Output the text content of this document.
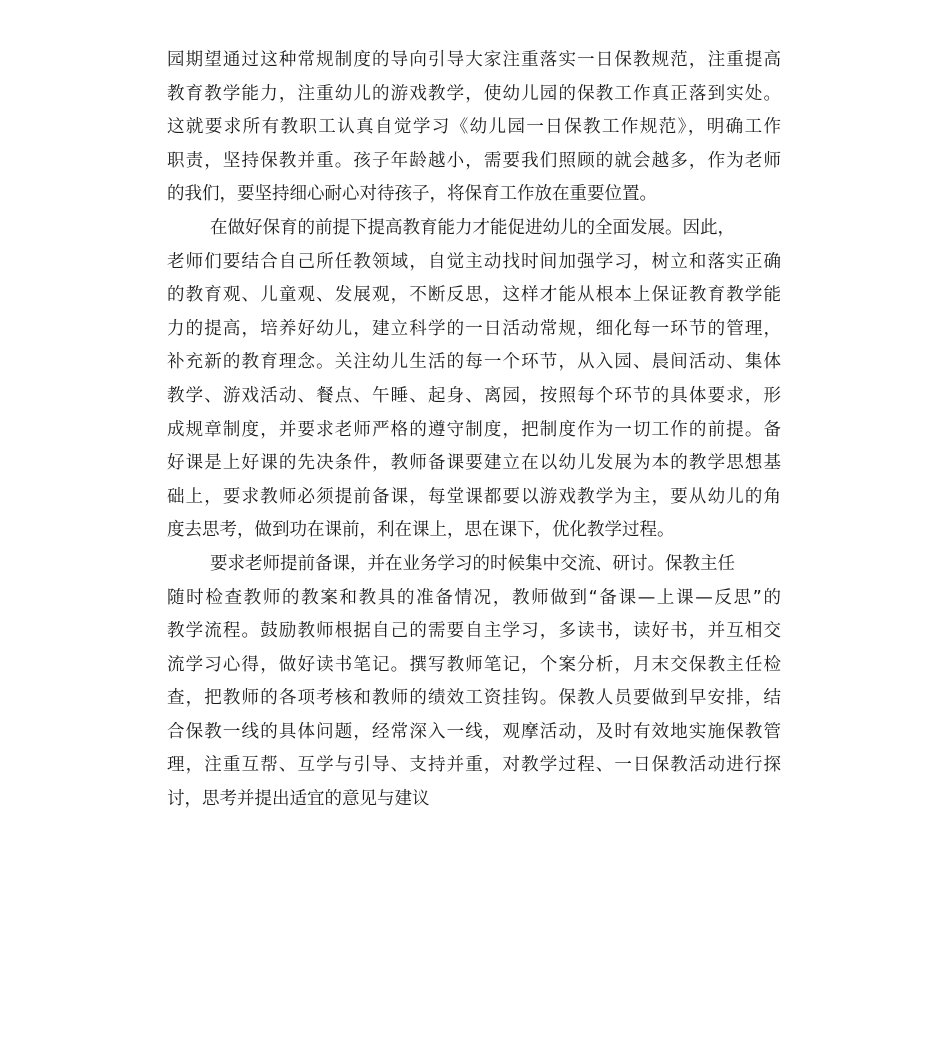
园期望通过这种常规制度的导向引导大家注重落实一日保教规范，注重提高
教育教学能力，注重幼儿的游戏教学，使幼儿园的保教工作真正落到实处。
这就要求所有教职工认真自觉学习《幼儿园一日保教工作规范》，明确工作
职责，坚持保教并重。孩子年龄越小，需要我们照顾的就会越多，作为老师
的我们，要坚持细心耐心对待孩子，将保育工作放在重要位置。
在做好保育的前提下提高教育能力才能促进幼儿的全面发展。因此，
老师们要结合自己所任教领域，自觉主动找时间加强学习，树立和落实正确
的教育观、儿童观、发展观，不断反思，这样才能从根本上保证教育教学能
力的提高，培养好幼儿，建立科学的一日活动常规，细化每一环节的管理，
补充新的教育理念。关注幼儿生活的每一个环节，从入园、晨间活动、集体
教学、游戏活动、餐点、午睡、起身、离园，按照每个环节的具体要求，形
成规章制度，并要求老师严格的遵守制度，把制度作为一切工作的前提。备
好课是上好课的先决条件，教师备课要建立在以幼儿发展为本的教学思想基
础上，要求教师必须提前备课，每堂课都要以游戏教学为主，要从幼儿的角
度去思考，做到功在课前，利在课上，思在课下，优化教学过程。
要求老师提前备课，并在业务学习的时候集中交流、研讨。保教主任
随时检查教师的教案和教具的准备情况，教师做到“备课—上课—反思”的
教学流程。鼓励教师根据自己的需要自主学习，多读书，读好书，并互相交
流学习心得，做好读书笔记。撰写教师笔记，个案分析，月末交保教主任检
查，把教师的各项考核和教师的绩效工资挂钩。保教人员要做到早安排，结
合保教一线的具体问题，经常深入一线，观摩活动，及时有效地实施保教管
理，注重互帮、互学与引导、支持并重，对教学过程、一日保教活动进行探
讨，思考并提出适宜的意见与建议
